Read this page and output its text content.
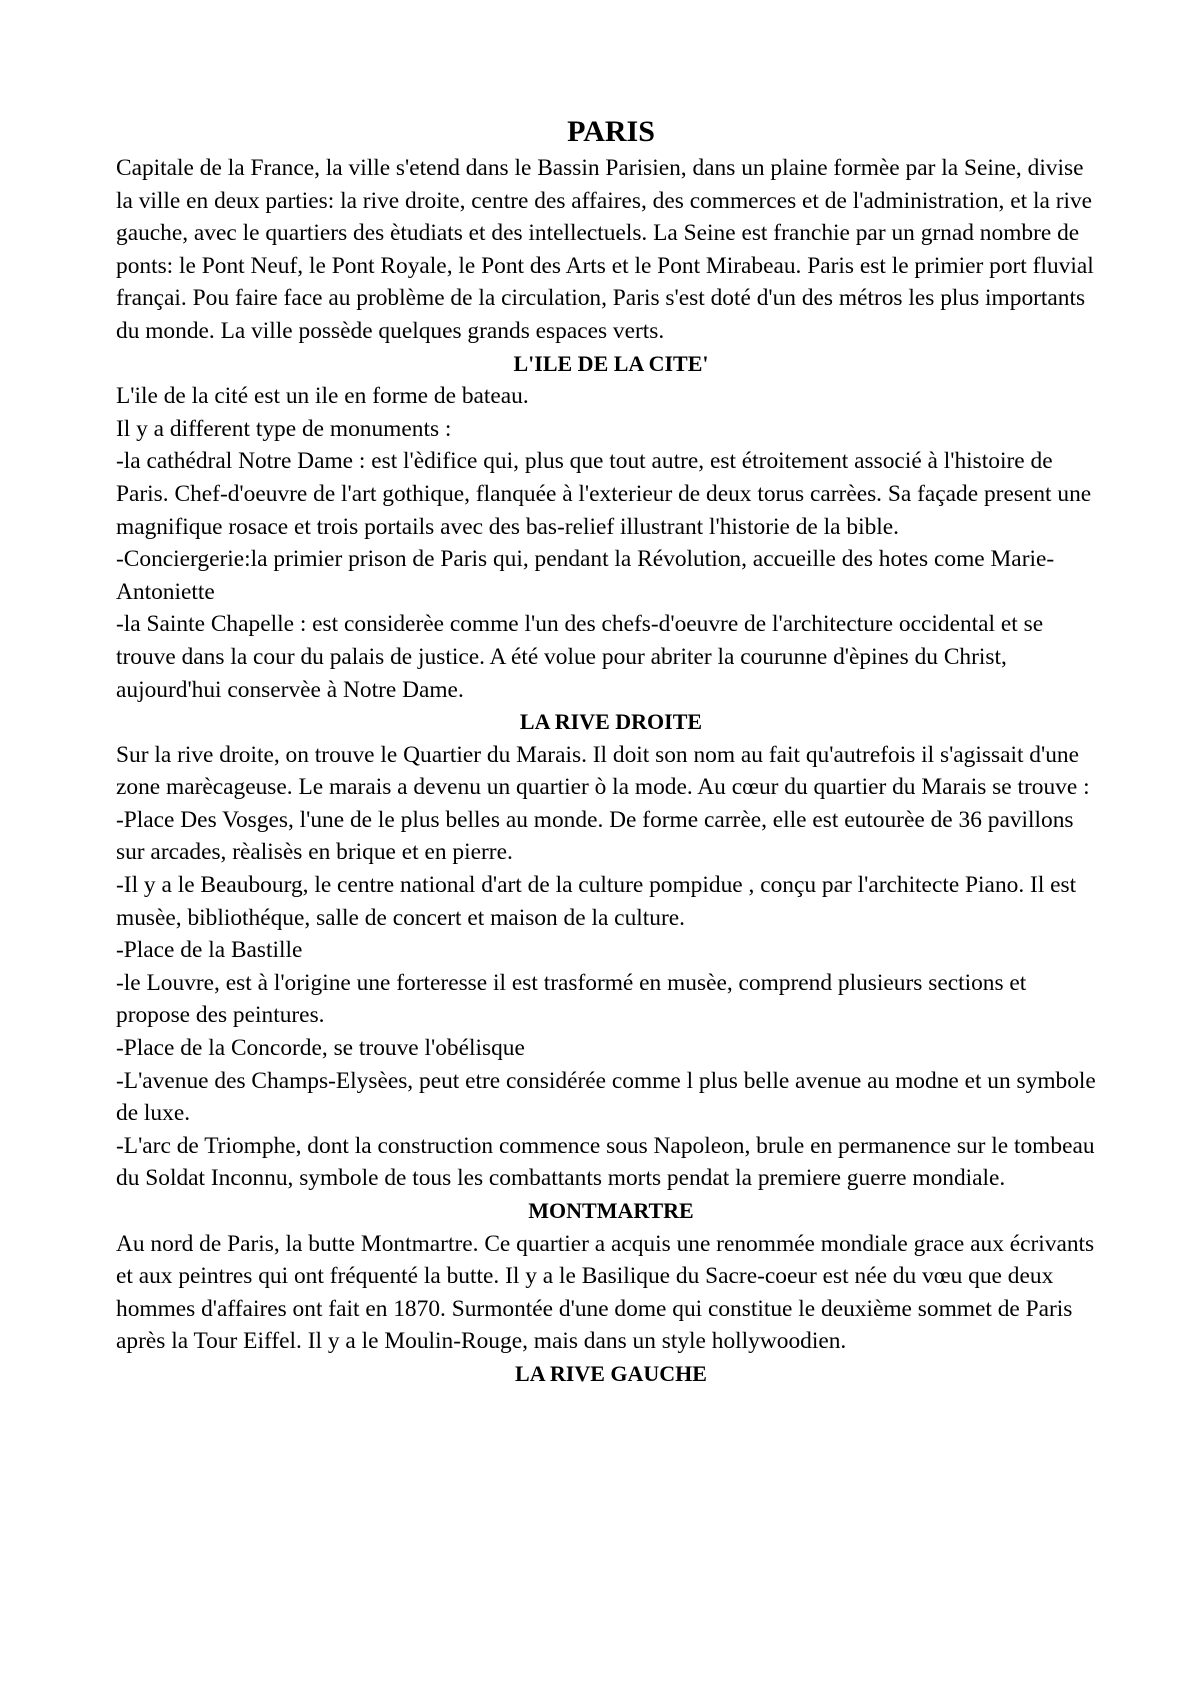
PARIS

Capitale de la France, la ville s'etend dans le Bassin Parisien, dans un plaine formèe par la Seine, divise la ville en deux parties: la rive droite, centre des affaires, des commerces et de l'administration, et la rive gauche, avec le quartiers des ètudiats et des intellectuels. La Seine est franchie par un grnad nombre de ponts: le Pont Neuf, le Pont Royale, le Pont des Arts et le Pont Mirabeau. Paris est le primier port fluvial françai. Pou faire face au problème de la circulation, Paris s'est doté d'un des métros les plus importants du monde. La ville possède quelques grands espaces verts.

L'ILE DE LA CITE'

L'ile de la cité est un ile en forme de bateau.

Il y a different type de monuments :

-la cathédral Notre Dame : est l'èdifice qui, plus que tout autre, est étroitement associé à l'histoire de Paris. Chef-d'oeuvre de l'art gothique, flanquée à l'exterieur de deux torus carrèes. Sa façade present une magnifique rosace et trois portails avec des bas-relief illustrant l'historie de la bible.

-Conciergerie:la primier prison de Paris qui, pendant la Révolution, accueille des hotes come Marie-Antoniette

-la Sainte Chapelle : est considerèe comme l'un des chefs-d'oeuvre de l'architecture occidental et se trouve dans la cour du palais de justice. A été volue pour abriter la courunne d'èpines du Christ, aujourd'hui conservèe à Notre Dame.

LA RIVE DROITE

Sur la rive droite, on trouve le Quartier du Marais. Il doit son nom au fait qu'autrefois il s'agissait d'une zone marècageuse. Le marais a devenu un quartier ò la mode. Au cœur du quartier du Marais se trouve :

-Place Des Vosges, l'une de le plus belles au monde. De forme carrèe, elle est eutourèe de 36 pavillons sur arcades, rèalisès en brique et en pierre.

-Il y a le Beaubourg, le centre national d'art de la culture pompidue , conçu par l'architecte Piano. Il est musèe, bibliothéque, salle de concert et maison de la culture.

-Place de la Bastille

-le Louvre, est à l'origine une forteresse il est trasformé en musèe, comprend plusieurs sections et propose des peintures.

-Place de la Concorde, se trouve l'obélisque

-L'avenue des Champs-Elysèes, peut etre considérée comme l plus belle avenue au modne et un symbole de luxe.

-L'arc de Triomphe, dont la construction commence sous Napoleon, brule en permanence sur le tombeau du Soldat Inconnu, symbole de tous les combattants morts pendat la premiere guerre mondiale.

MONTMARTRE

Au nord de Paris, la butte Montmartre. Ce quartier a acquis une renommée mondiale grace aux écrivants et aux peintres qui ont fréquenté la butte. Il y a le Basilique du Sacre-coeur est née du vœu que deux hommes d'affaires ont fait en 1870. Surmontée d'une dome qui constitue le deuxième sommet de Paris après la Tour Eiffel. Il y a le Moulin-Rouge, mais dans un style hollywoodien.

LA RIVE GAUCHE
